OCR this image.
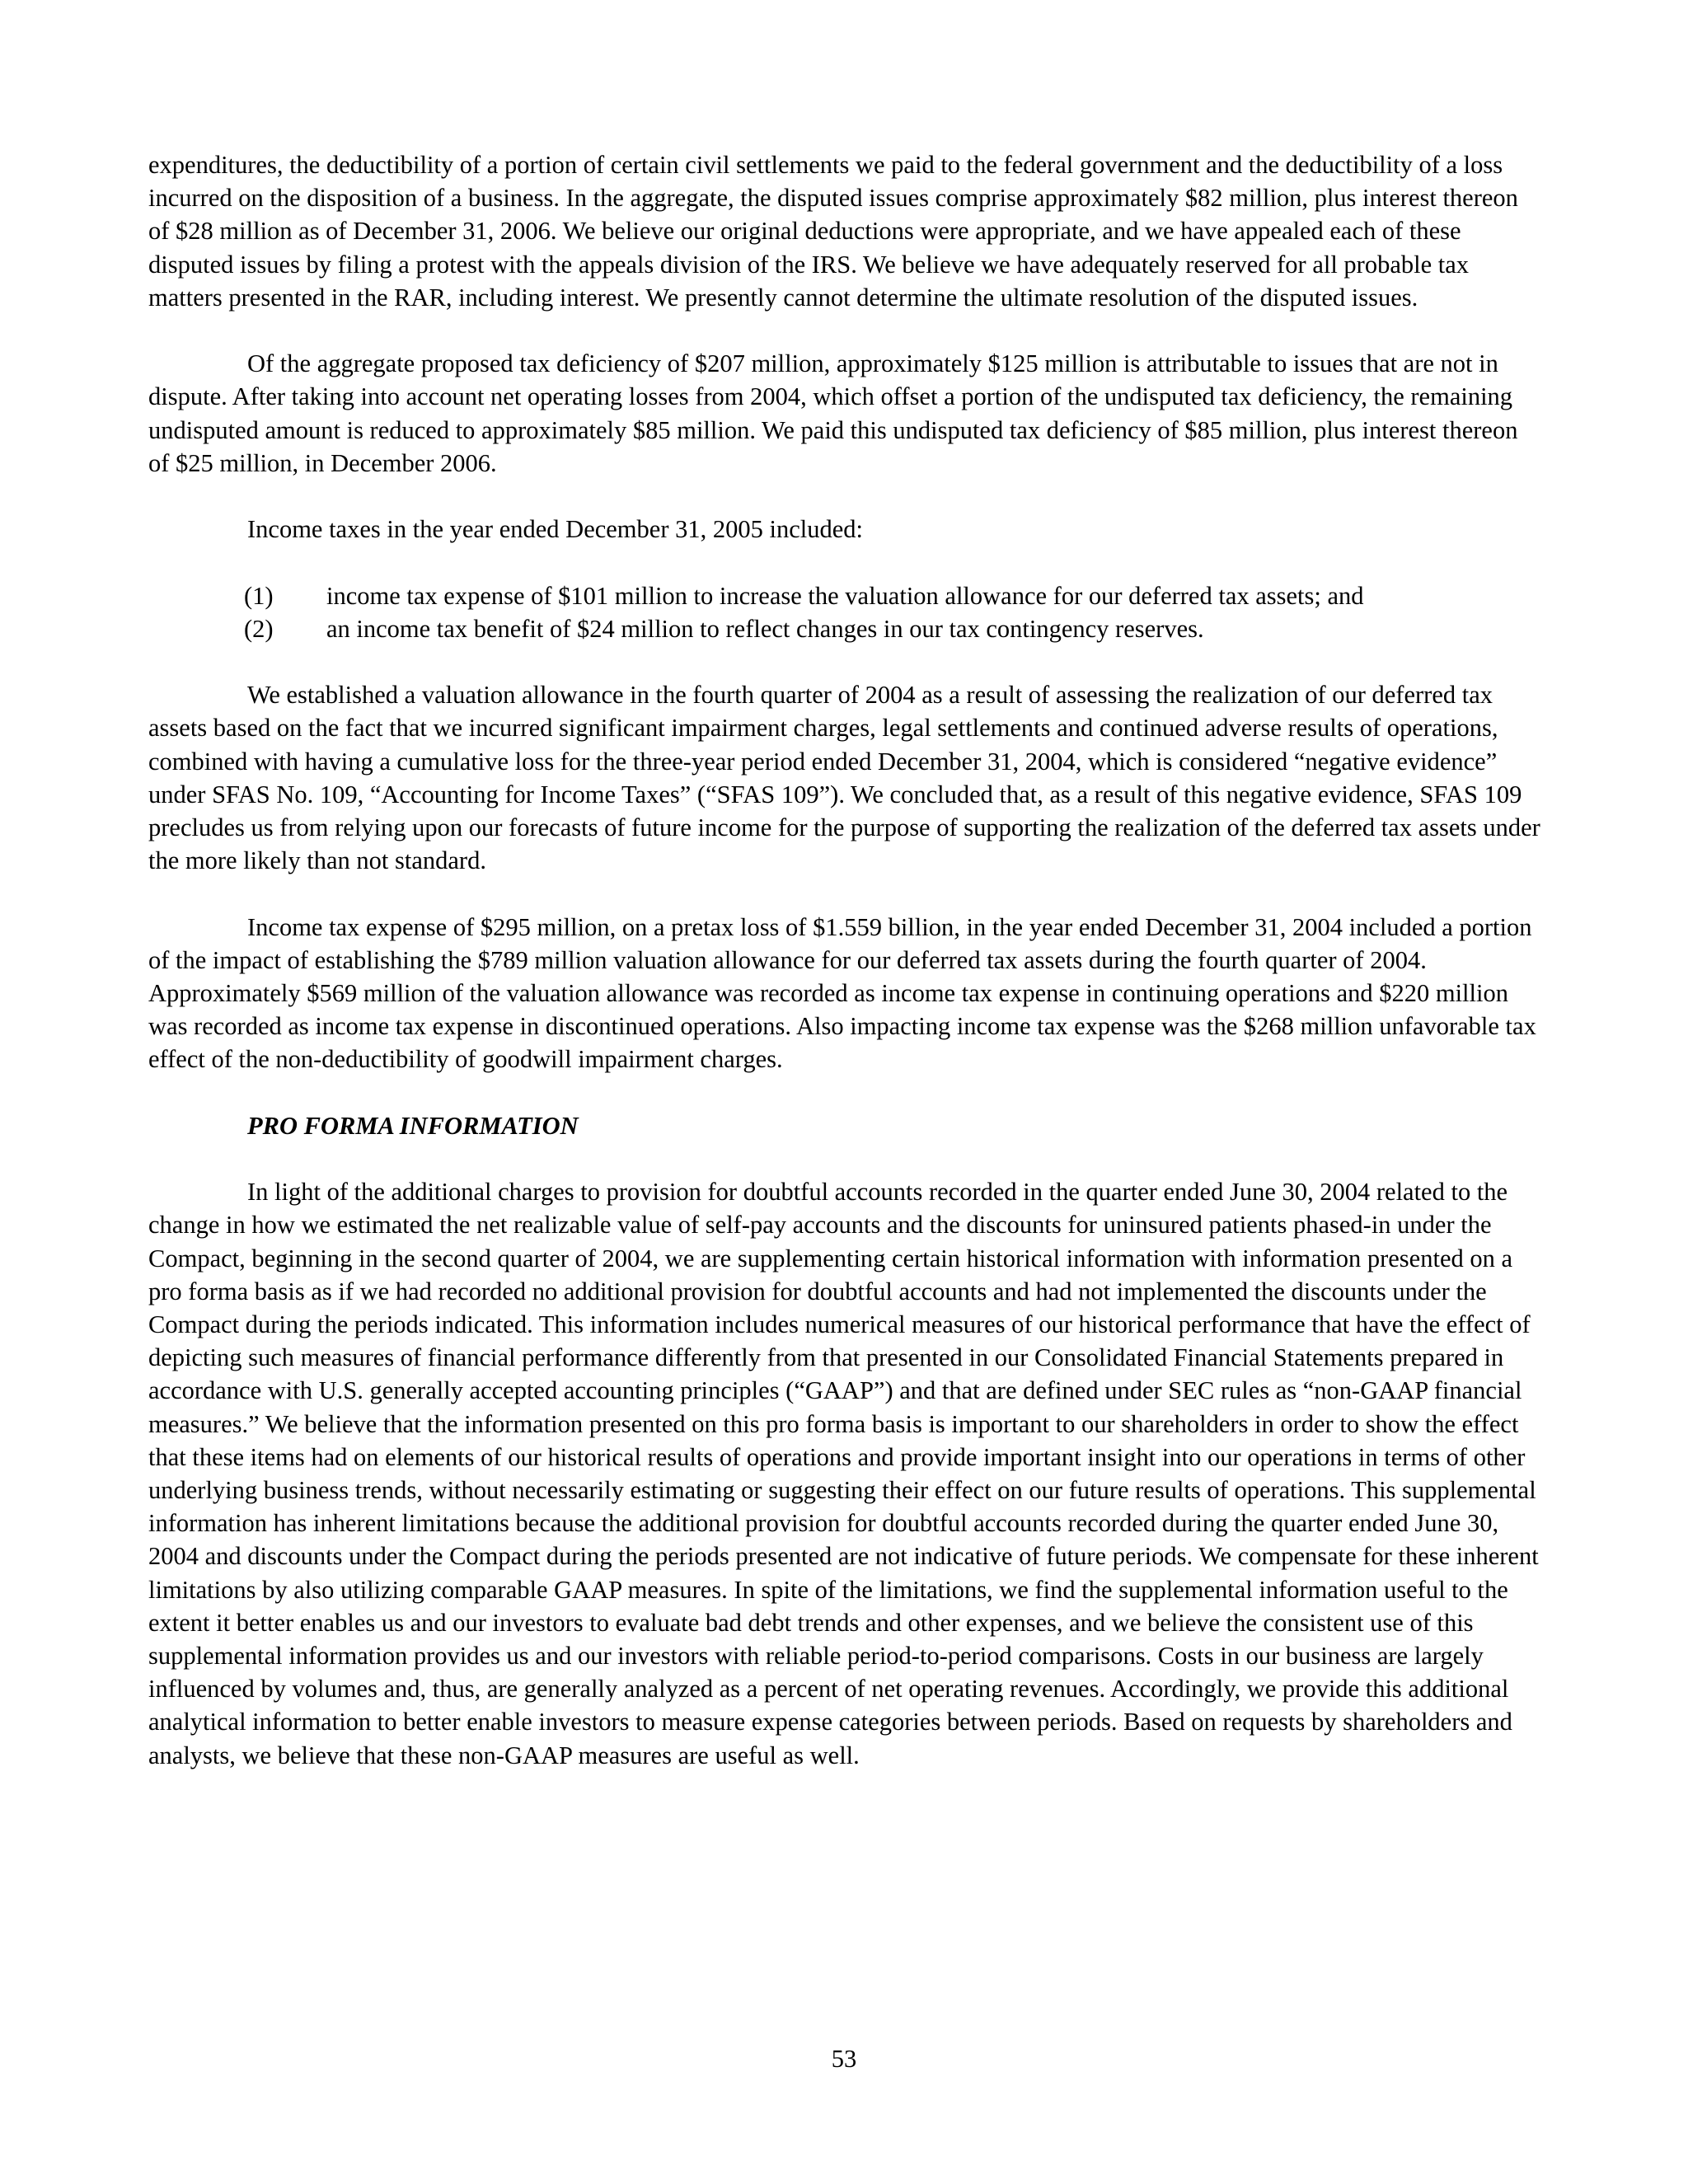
expenditures, the deductibility of a portion of certain civil settlements we paid to the federal government and the deductibility of a loss incurred on the disposition of a business. In the aggregate, the disputed issues comprise approximately $82 million, plus interest thereon of $28 million as of December 31, 2006. We believe our original deductions were appropriate, and we have appealed each of these disputed issues by filing a protest with the appeals division of the IRS. We believe we have adequately reserved for all probable tax matters presented in the RAR, including interest. We presently cannot determine the ultimate resolution of the disputed issues.

Of the aggregate proposed tax deficiency of $207 million, approximately $125 million is attributable to issues that are not in dispute. After taking into account net operating losses from 2004, which offset a portion of the undisputed tax deficiency, the remaining undisputed amount is reduced to approximately $85 million. We paid this undisputed tax deficiency of $85 million, plus interest thereon of $25 million, in December 2006.

Income taxes in the year ended December 31, 2005 included:

(1)	income tax expense of $101 million to increase the valuation allowance for our deferred tax assets; and
(2)	an income tax benefit of $24 million to reflect changes in our tax contingency reserves.

We established a valuation allowance in the fourth quarter of 2004 as a result of assessing the realization of our deferred tax assets based on the fact that we incurred significant impairment charges, legal settlements and continued adverse results of operations, combined with having a cumulative loss for the three-year period ended December 31, 2004, which is considered “negative evidence” under SFAS No. 109, “Accounting for Income Taxes” (“SFAS 109”). We concluded that, as a result of this negative evidence, SFAS 109 precludes us from relying upon our forecasts of future income for the purpose of supporting the realization of the deferred tax assets under the more likely than not standard.

Income tax expense of $295 million, on a pretax loss of $1.559 billion, in the year ended December 31, 2004 included a portion of the impact of establishing the $789 million valuation allowance for our deferred tax assets during the fourth quarter of 2004. Approximately $569 million of the valuation allowance was recorded as income tax expense in continuing operations and $220 million was recorded as income tax expense in discontinued operations. Also impacting income tax expense was the $268 million unfavorable tax effect of the non-deductibility of goodwill impairment charges.

PRO FORMA INFORMATION

In light of the additional charges to provision for doubtful accounts recorded in the quarter ended June 30, 2004 related to the change in how we estimated the net realizable value of self-pay accounts and the discounts for uninsured patients phased-in under the Compact, beginning in the second quarter of 2004, we are supplementing certain historical information with information presented on a pro forma basis as if we had recorded no additional provision for doubtful accounts and had not implemented the discounts under the Compact during the periods indicated. This information includes numerical measures of our historical performance that have the effect of depicting such measures of financial performance differently from that presented in our Consolidated Financial Statements prepared in accordance with U.S. generally accepted accounting principles (“GAAP”) and that are defined under SEC rules as “non-GAAP financial measures.” We believe that the information presented on this pro forma basis is important to our shareholders in order to show the effect that these items had on elements of our historical results of operations and provide important insight into our operations in terms of other underlying business trends, without necessarily estimating or suggesting their effect on our future results of operations. This supplemental information has inherent limitations because the additional provision for doubtful accounts recorded during the quarter ended June 30, 2004 and discounts under the Compact during the periods presented are not indicative of future periods. We compensate for these inherent limitations by also utilizing comparable GAAP measures. In spite of the limitations, we find the supplemental information useful to the extent it better enables us and our investors to evaluate bad debt trends and other expenses, and we believe the consistent use of this supplemental information provides us and our investors with reliable period-to-period comparisons. Costs in our business are largely influenced by volumes and, thus, are generally analyzed as a percent of net operating revenues. Accordingly, we provide this additional analytical information to better enable investors to measure expense categories between periods. Based on requests by shareholders and analysts, we believe that these non-GAAP measures are useful as well.

53
